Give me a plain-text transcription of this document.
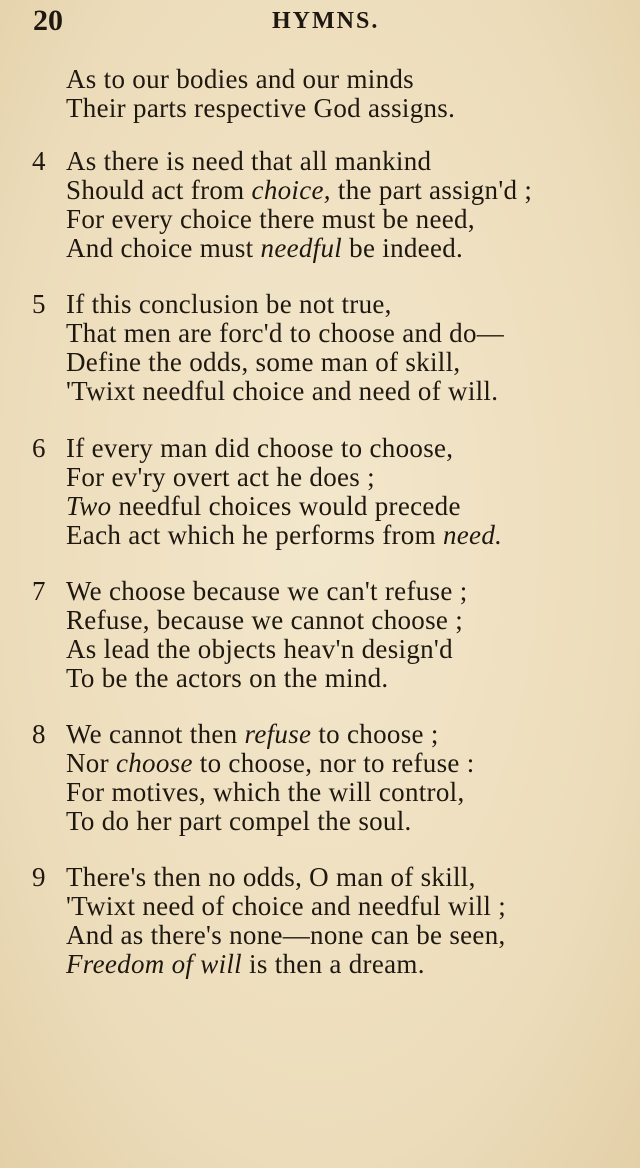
20	HYMNS.
As to our bodies and our minds
Their parts respective God assigns.
4 As there is need that all mankind
Should act from choice, the part assign'd ;
For every choice there must be need,
And choice must needful be indeed.
5 If this conclusion be not true,
That men are forc'd to choose and do—
Define the odds, some man of skill,
'Twixt needful choice and need of will.
6 If every man did choose to choose,
For ev'ry overt act he does ;
Two needful choices would precede
Each act which he performs from need.
7 We choose because we can't refuse ;
Refuse, because we cannot choose ;
As lead the objects heav'n design'd
To be the actors on the mind.
8 We cannot then refuse to choose ;
Nor choose to choose, nor to refuse :
For motives, which the will control,
To do her part compel the soul.
9 There's then no odds, O man of skill,
'Twixt need of choice and needful will ;
And as there's none—none can be seen,
Freedom of will is then a dream.
